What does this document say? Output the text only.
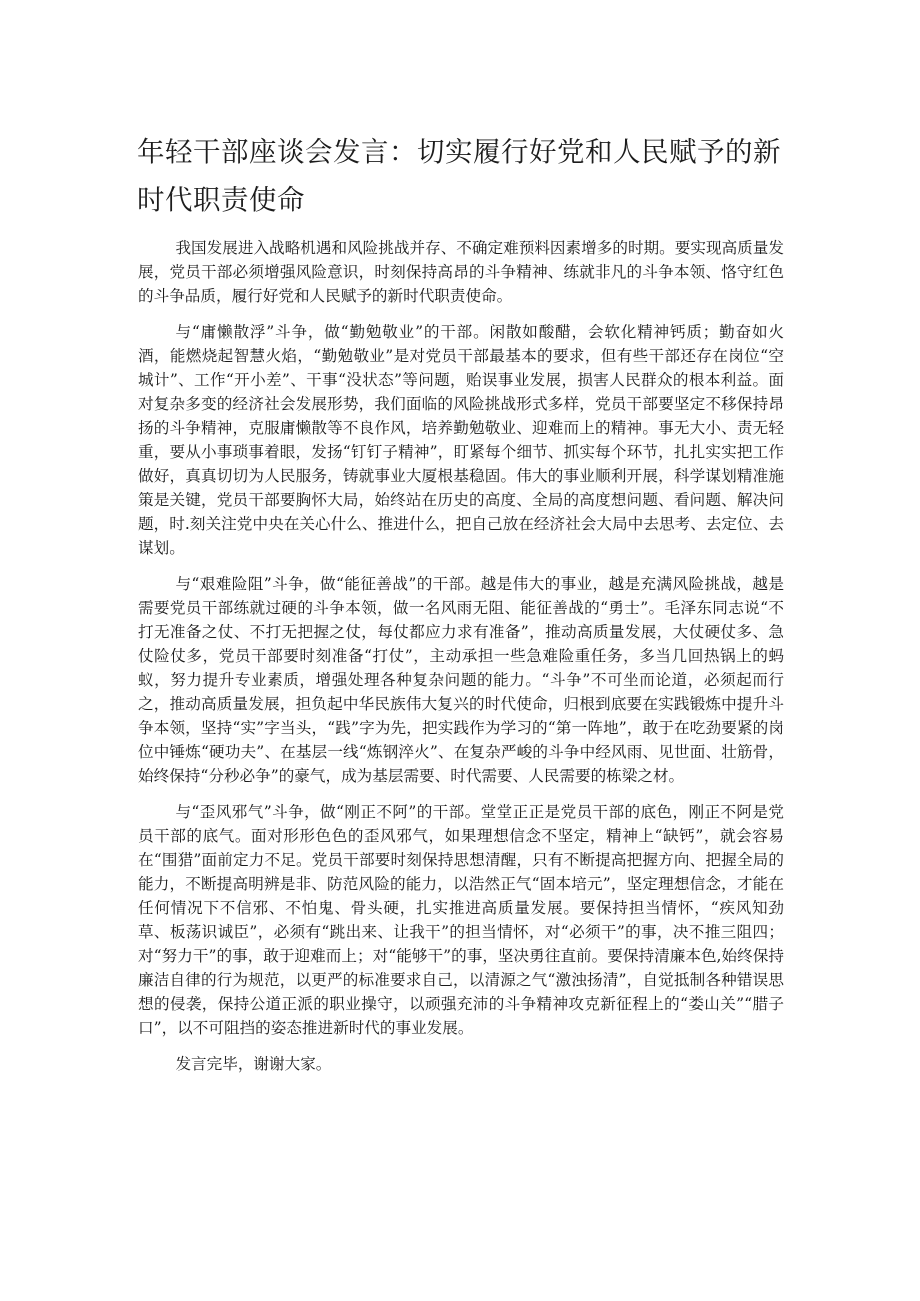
年轻干部座谈会发言：切实履行好党和人民赋予的新时代职责使命

我国发展进入战略机遇和风险挑战并存、不确定难预料因素增多的时期。要实现高质量发展，党员干部必须增强风险意识，时刻保持高昂的斗争精神、练就非凡的斗争本领、恪守红色的斗争品质，履行好党和人民赋予的新时代职责使命。

与“庸懒散浮”斗争，做“勤勉敬业”的干部。闲散如酸醋，会软化精神钙质；勤奋如火酒，能燃烧起智慧火焰，“勤勉敬业”是对党员干部最基本的要求，但有些干部还存在岗位“空城计”、工作“开小差”、干事“没状态”等问题，贻误事业发展，损害人民群众的根本利益。面对复杂多变的经济社会发展形势，我们面临的风险挑战形式多样，党员干部要坚定不移保持昂扬的斗争精神，克服庸懒散等不良作风，培养勤勉敬业、迎难而上的精神。事无大小、责无轻重，要从小事琐事着眼，发扬“钉钉子精神”，盯紧每个细节、抓实每个环节，扎扎实实把工作做好，真真切切为人民服务，铸就事业大厦根基稳固。伟大的事业顺利开展，科学谋划精准施策是关键，党员干部要胸怀大局，始终站在历史的高度、全局的高度想问题、看问题、解决问题，时.刻关注党中央在关心什么、推进什么，把自己放在经济社会大局中去思考、去定位、去谋划。

与“艰难险阻”斗争，做“能征善战”的干部。越是伟大的事业，越是充满风险挑战，越是需要党员干部练就过硬的斗争本领，做一名风雨无阻、能征善战的“勇士”。毛泽东同志说“不打无准备之仗、不打无把握之仗，每仗都应力求有准备”，推动高质量发展，大仗硬仗多、急仗险仗多，党员干部要时刻准备“打仗”，主动承担一些急难险重任务，多当几回热锅上的蚂蚁，努力提升专业素质，增强处理各种复杂问题的能力。“斗争”不可坐而论道，必须起而行之，推动高质量发展，担负起中华民族伟大复兴的时代使命，归根到底要在实践锻炼中提升斗争本领，坚持“实”字当头，“践”字为先，把实践作为学习的“第一阵地”，敢于在吃劲要紧的岗位中锤炼“硬功夫”、在基层一线“炼钢淬火”、在复杂严峻的斗争中经风雨、见世面、壮筋骨，始终保持“分秒必争”的豪气，成为基层需要、时代需要、人民需要的栋梁之材。

与“歪风邪气”斗争，做“刚正不阿”的干部。堂堂正正是党员干部的底色，刚正不阿是党员干部的底气。面对形形色色的歪风邪气，如果理想信念不坚定，精神上“缺钙”，就会容易在“围猎”面前定力不足。党员干部要时刻保持思想清醒，只有不断提高把握方向、把握全局的能力，不断提高明辨是非、防范风险的能力，以浩然正气“固本培元”，坚定理想信念，才能在任何情况下不信邪、不怕鬼、骨头硬，扎实推进高质量发展。要保持担当情怀，“疾风知劲草、板荡识诚臣”，必须有“跳出来、让我干”的担当情怀，对“必须干”的事，决不推三阻四；对“努力干”的事，敢于迎难而上；对“能够干”的事，坚决勇往直前。要保持清廉本色,始终保持廉洁自律的行为规范，以更严的标准要求自己，以清源之气“激浊扬清”，自觉抵制各种错误思想的侵袭，保持公道正派的职业操守，以顽强充沛的斗争精神攻克新征程上的“娄山关”“腊子口”，以不可阻挡的姿态推进新时代的事业发展。

发言完毕，谢谢大家。
